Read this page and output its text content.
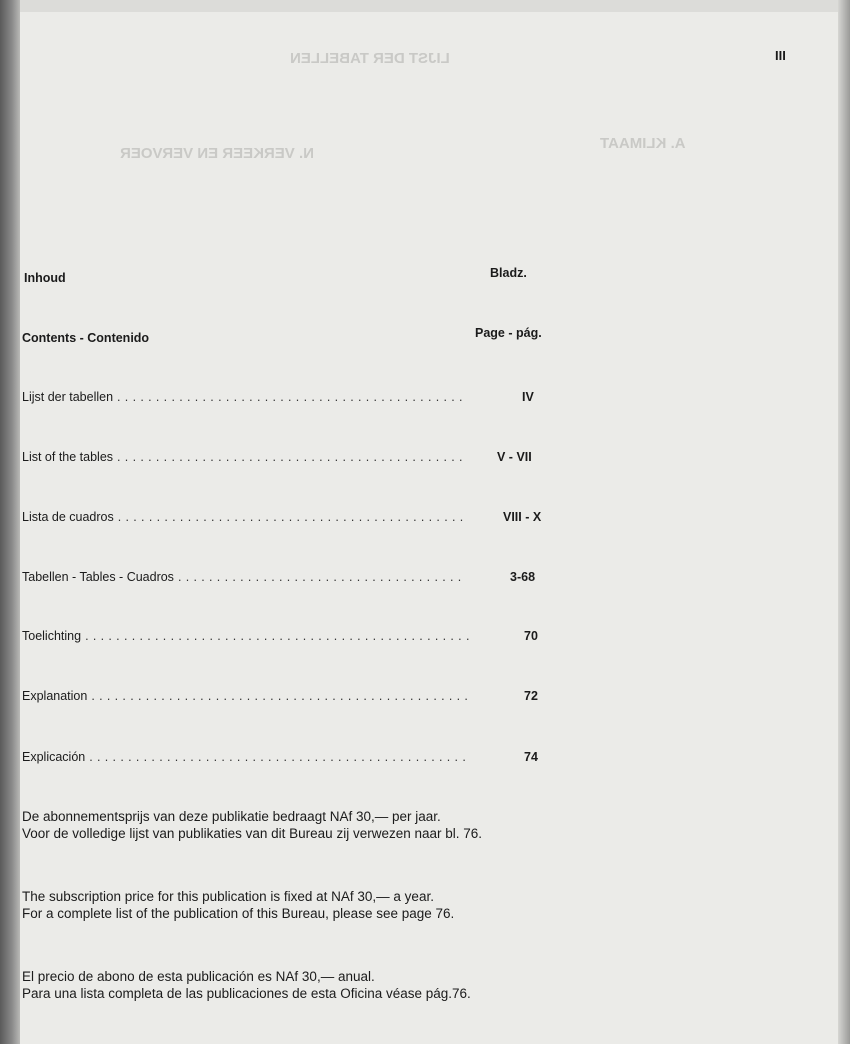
LIJST DER TABELLEN
A. KLIMAAT
N. VERKEER EN VERVOER
III
Inhoud	Bladz.
Contents - Contenido	Page - pág.
Lijst der tabellen .............................................	IV
List of the tables ............................................. V - VII
Lista de cuadros .............................................	VIII - X
Tabellen - Tables - Cuadros .....................................	3-68
Toelichting ..................................................	70
Explanation .................................................	72
Explicación .................................................	74
De abonnementsprijs van deze publikatie bedraagt NAf 30,— per jaar.
Voor de volledige lijst van publikaties van dit Bureau zij verwezen naar bl. 76.
The subscription price for this publication is fixed at NAf 30,— a year.
For a complete list of the publication of this Bureau, please see page 76.
El precio de abono de esta publicación es NAf 30,— anual.
Para una lista completa de las publicaciones de esta Oficina véase pág.76.
